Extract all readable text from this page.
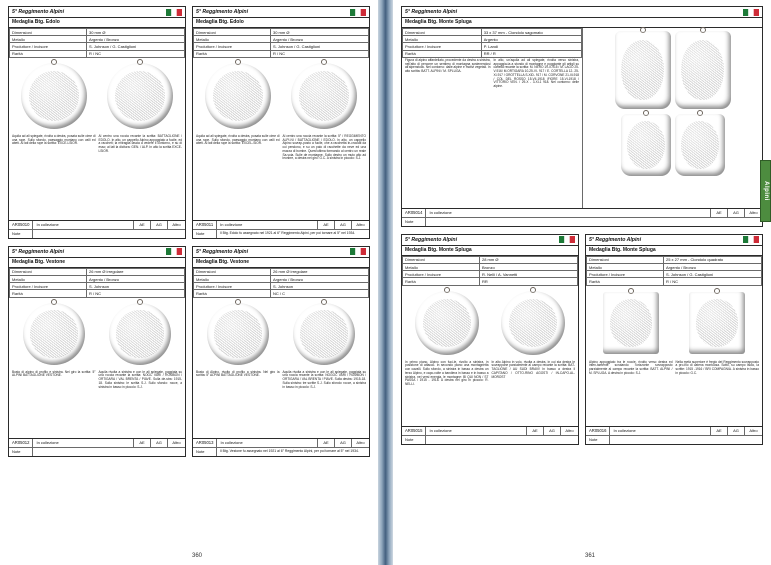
5° Reggimento Alpini
Medaglia Btg. Edolo
Dimensioni	30 mm Ø
Metallo	Argento / Bronzo
Produttore / Incisore	S. Johnson / G. Castiglioni
Rarità	R / NC
Aquila ad ali spiegate, rivolta a destra, posata sulle cime di una rupe. Sullo sfondo, paesaggio montano con valli ed abeti. Ai lati della rupe la scritta: EXCE-LSIOR.
Al centro una roccia recante la scritta: BATTAGLIONE / EDOLO. In alto, un cappello Alpino appoggiato a fucile, ed a raccheti; la mitraglia lascia a vedere il contorno, e su di esso; ai lati la dicitura: GEN. / ALP. In alto la scritta EXCE-LSIOR.
AR05010	In collezione	AE	AG	Altro
Note
5° Reggimento Alpini
Medaglia Btg. Edolo
Dimensioni	30 mm Ø
Metallo	Argento / Bronzo
Produttore / Incisore	S. Johnson / G. Castiglioni
Rarità	R / NC
Aquila ad ali spiegate, rivolta a destra, posata sulle cime di una rupe. Sullo sfondo, paesaggio montano con valli ed abeti. Ai lati della rupe la scritta: EXCEL-SIOR.
Al centro una roccia recante la scritta: 5° / REGGIMENTO ALPI-NI / BATTAGLIONE / EDOLO. In alto, un cappello Alpino sovrap-posto a fucile, che a racchetta in-crociati da cui pendono, e su un paio di racchette da neve ed una mazza di bombe. Quest'ultima formando al centro un reale Sa-voia. Sulle de montagne. Sullo destro un muto alto ad leonbre, a destra nel giro: G.C. A sinistra in piccolo: S.J.
AR05011	In collezione	AE	AG	Altro
Note	Il Btg. Edolo fu assegnato nel 1921 al 6° Reggimento Alpini, per poi tornare al 5° nel 1934.
5° Reggimento Alpini
Medaglia Btg. Vestone
Dimensioni	26 mm Ø irregolare
Metallo	Argento / Bronzo
Produttore / Incisore	S. Johnson
Rarità	R / NC
Busto di alpino di profilo e sinistra. Nel giro la scritta: 5° ALPINI BATTAGLIONE VESTONE.
Aquila rivolta a sinistra e con le ali spiegate, poggiata su una roccia recante la scritta: NOGC VARI / ROMBON / ORTIGARA / VAL BRENTA / PIAVE. Sulla de-stra: 1915-18. Sulla sinistra: le scritta S.J. Sullo sfondo: rocce, a sinistra in basso in piccolo: S.J.
AR05012	In collezione	AE	AG	Altro
Note
5° Reggimento Alpini
Medaglia Btg. Vestone
Dimensioni	26 mm Ø irregolare
Metallo	Argento / Bronzo
Produttore / Incisore	S. Johnson
Rarità	NC / C
Busto di Alpino, rivolto di profilo a sinistra. Nel giro la scritta: 5° ALPINI BATTAGLIONE VESTONE.
Aquila rivolta a sinistra e con le ali spiegate, poggiata su una roccia recante la scritta: NOGOC VARI / ROMBON / ORTIGARA / VAL BRENTA / PIAVE. Sulla destra: 1915-18. Sulla sinistra: tre scritte S.J. Sullo sfondo: rocce, a sinistra in basso in piccolo: S.J.
AR05013	In collezione	AE	AG	Altro
Note	Il Btg. Vestone fu assegnato nel 1921 al 6° Reggimento Alpini, per poi tornare al 5° nel 1934.
360
5° Reggimento Alpini
Medaglia Btg. Monte Spluga
Dimensioni	33 x 37 mm - Ciondolo sagomato
Metallo	Argento
Produttore / Incisore	P. Landi
Rarità	RR / R
Figura di alpino affardellato, procedente da destra a sinistra, nell'atto di percorre un sentiero di montagna sostenendosi all'alpenstock. Nel contorno: dalle alpine e motivi vegetali. In alto scritta: BATT. ALPINI / M. SPLUGA.
In alto, un'aquila ad ali spiegate, rivolta verso sinistra, appoggia-ta a stondo di montagne e poggiante gli artigli su cartella recante la scritta: M. NERO 19-X-915 / M. LAGO 25-V-916/ M.ORTIGARA 10-25-VI- 917 / E. CORTELLA 12- 25-XI-917 / GROTTELLA S-XID- 917 / M. CORVONE 21-III-918 / COL DEL ROSSO 15-VII-1918 /FIORE 15-VI-1918 / VITTORIO VEN. / 29-X - 3-XI-1 918. Nel contorno: delle alpine.
AR05014	In collezione	AE	AG	Altro
Note
5° Reggimento Alpini
Medaglia Btg. Monte Spluga
Dimensioni	28 mm Ø
Metallo	Bronzo
Produttore / Incisore	R. Nelli / A. Vannetti
Rarità	RR
In primo piano, Alpino con fuci-le, rivolto a sinistra, in posizione di attacco. In secondo piano una montagnetta con cavalli. Sullo sfondo, a sinistra in basso a destra un terzo Alpino, e capo-volte a bandiera in basso e in basso a sinistra, nei versi energia, le montagne: BI QUI NON / ST PASSA / 1915 - 1918. A destra nel giro in piccolo: R. NELLI.
In alto Alpino in volo, rivolta a destra, in cui sta destra le sovrappone parzialmente al campo recante la scritta: BAT-TAGLIONE / AU SUDI BRAVI! In basso a destra il CAPITANO / OTTO-RINO AGOSTI / IN-CAPO-AL-MOROST
AR05015	In collezione	AE	AG	Altro
Note
5° Reggimento Alpini
Medaglia Btg. Monte Spluga
Dimensioni	25 x 27 mm - Ciondolo quadrato
Metallo	Argento / Bronzo
Produttore / Incisore	S. Johnson / G. Castiglioni
Rarità	R / NC
Alpino appoggiato tra le roccie, rivolto verso destra ed inten-tamente scrutando l'orizzonte sovrapposto parzialmente al campo recante la scritta: BATT. ALPINI / M. SPLUGA. A destra in piccolo: S.J.
Nella metà superiore è fregio del Reggimento sovrapposto a pro-filo di catena montuosa. Sotto, su campo liscio, la scritte: 1915 -1916 / BRI COMPAGNIA. A sinistra in basso in piccolo: G.C.
AR05016	In collezione	AE	AG	Altro
Note
361
Alpini
